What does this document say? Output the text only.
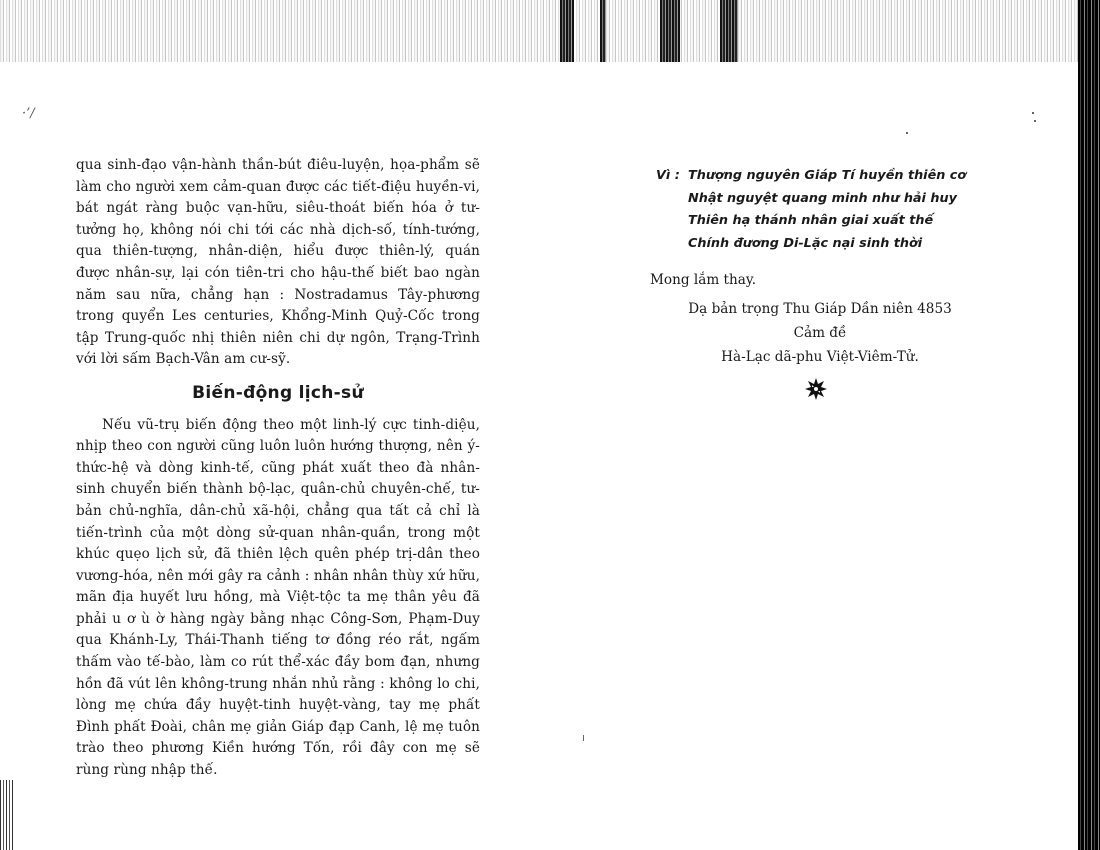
·’/

qua sinh-đạo vận-hành thần-bút điêu-luyện, họa-phẩm sẽ làm cho người xem cảm-quan được các tiết-điệu huyền-vi, bát ngát ràng buộc vạn-hữu, siêu-thoát biến hóa ở tư-tưởng họ, không nói chi tới các nhà dịch-số, tính-tướng, qua thiên-tượng, nhân-diện, hiểu được thiên-lý, quán được nhân-sự, lại cón tiên-tri cho hậu-thế biết bao ngàn năm sau nữa, chẳng hạn : Nostradamus Tây-phương trong quyển Les centuries, Khổng-Minh Quỷ-Cốc trong tập Trung-quốc nhị thiên niên chi dự ngôn, Trạng-Trình với lời sấm Bạch-Vân am cư-sỹ.

Biến-động lịch-sử

Nếu vũ-trụ biến động theo một linh-lý cực tinh-diệu, nhịp theo con người cũng luôn luôn hướng thượng, nên ý-thức-hệ và dòng kinh-tế, cũng phát xuất theo đà nhân-sinh chuyển biến thành bộ-lạc, quân-chủ chuyên-chế, tư-bản chủ-nghĩa, dân-chủ xã-hội, chẳng qua tất cả chỉ là tiến-trình của một dòng sử-quan nhân-quần, trong một khúc quẹo lịch sử, đã thiên lệch quên phép trị-dân theo vương-hóa, nên mới gây ra cảnh : nhân nhân thùy xứ hữu, mãn địa huyết lưu hồng, mà Việt-tộc ta mẹ thân yêu đã phải u ơ ù ờ hàng ngày bằng nhạc Công-Sơn, Phạm-Duy qua Khánh-Ly, Thái-Thanh tiếng tơ đồng réo rắt, ngấm thấm vào tế-bào, làm co rút thể-xác đầy bom đạn, nhưng hồn đã vút lên không-trung nhắn nhủ rằng : không lo chi, lòng mẹ chứa đầy huyệt-tinh huyệt-vàng, tay mẹ phất Đình phất Đoài, chân mẹ giản Giáp đạp Canh, lệ mẹ tuôn trào theo phương Kiền hướng Tốn, rồi đây con mẹ sẽ rùng rùng nhập thế.

Vì : Thượng nguyên Giáp Tí huyền thiên cơ
Nhật nguyệt quang minh như hải huy
Thiên hạ thánh nhân giai xuất thế
Chính đương Di-Lặc nại sinh thời
Mong lắm thay.
Dạ bản trọng Thu Giáp Dần niên 4853
Cảm đề
Hà-Lạc dã-phu Việt-Viêm-Tử.
